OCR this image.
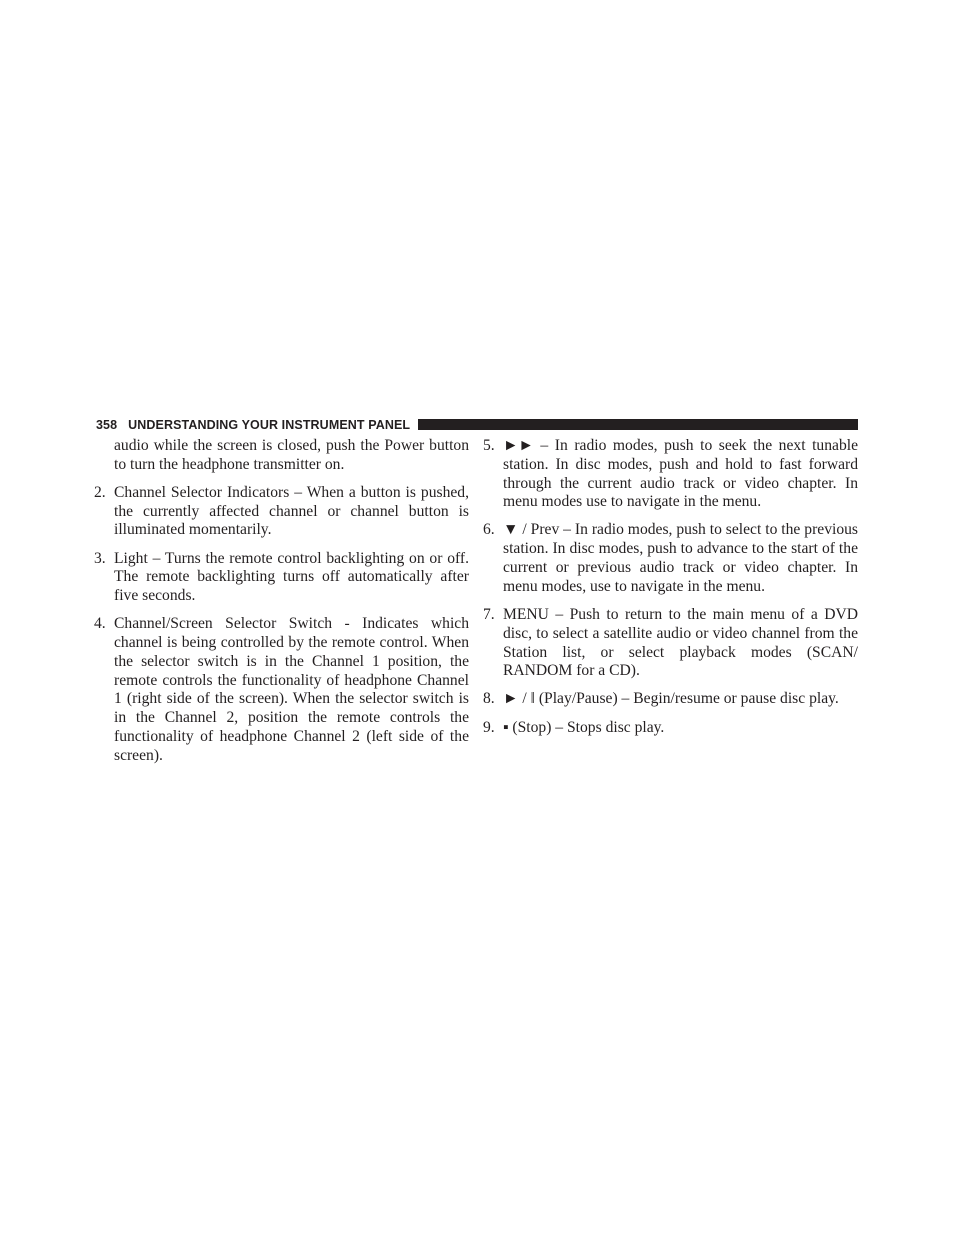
358 UNDERSTANDING YOUR INSTRUMENT PANEL
audio while the screen is closed, push the Power button to turn the headphone transmitter on.
2. Channel Selector Indicators – When a button is pushed, the currently affected channel or channel button is illuminated momentarily.
3. Light – Turns the remote control backlighting on or off. The remote backlighting turns off automatically after five seconds.
4. Channel/Screen Selector Switch - Indicates which channel is being controlled by the remote control. When the selector switch is in the Channel 1 position, the remote controls the functionality of headphone Channel 1 (right side of the screen). When the selector switch is in the Channel 2, position the remote controls the functionality of headphone Channel 2 (left side of the screen).
5. ►► – In radio modes, push to seek the next tunable station. In disc modes, push and hold to fast forward through the current audio track or video chapter. In menu modes use to navigate in the menu.
6. ▼ / Prev – In radio modes, push to select to the previous station. In disc modes, push to advance to the start of the current or previous audio track or video chapter. In menu modes, use to navigate in the menu.
7. MENU – Push to return to the main menu of a DVD disc, to select a satellite audio or video channel from the Station list, or select playback modes (SCAN/ RANDOM for a CD).
8. ► / ‖ (Play/Pause) – Begin/resume or pause disc play.
9. ▪ (Stop) – Stops disc play.
